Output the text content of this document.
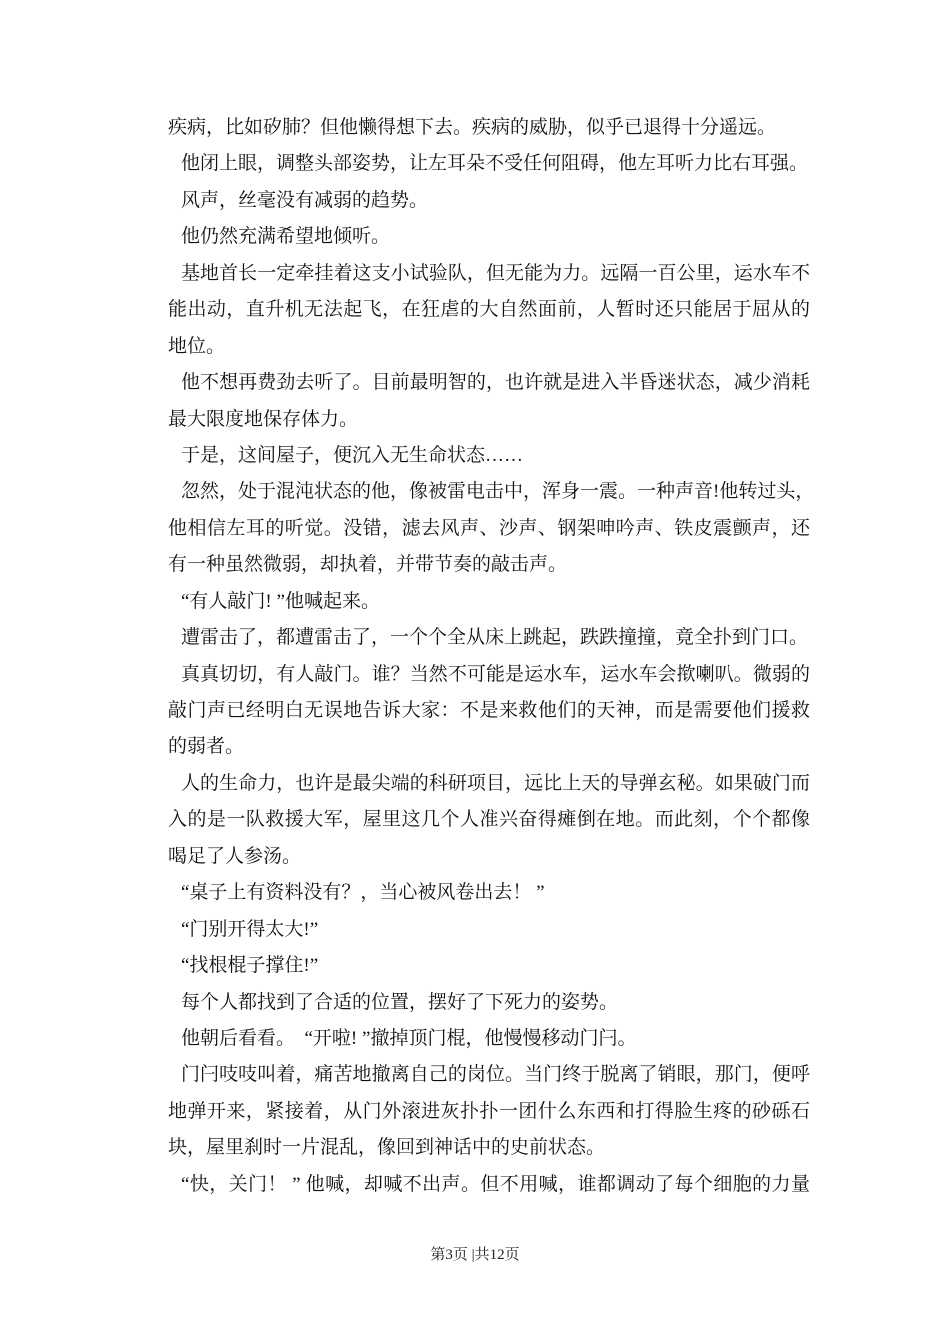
疾病，比如矽肺？但他懒得想下去。疾病的威胁，似乎已退得十分遥远。
他闭上眼，调整头部姿势，让左耳朵不受任何阻碍，他左耳听力比右耳强。
风声，丝毫没有减弱的趋势。
他仍然充满希望地倾听。
基地首长一定牵挂着这支小试验队，但无能为力。远隔一百公里，运水车不
能出动，直升机无法起飞，在狂虐的大自然面前，人暂时还只能居于屈从的
地位。
他不想再费劲去听了。目前最明智的，也许就是进入半昏迷状态，减少消耗
最大限度地保存体力。
于是，这间屋子，便沉入无生命状态……
忽然，处于混沌状态的他，像被雷电击中，浑身一震。一种声音!他转过头，
他相信左耳的听觉。没错，滤去风声、沙声、钢架呻吟声、铁皮震颤声，还
有一种虽然微弱，却执着，并带节奏的敲击声。
“有人敲门! ”他喊起来。
遭雷击了，都遭雷击了，一个个全从床上跳起，跌跌撞撞，竟全扑到门口。
真真切切，有人敲门。谁？当然不可能是运水车，运水车会揿喇叭。微弱的
敲门声已经明白无误地告诉大家：不是来救他们的天神，而是需要他们援救
的弱者。
人的生命力，也许是最尖端的科研项目，远比上天的导弹玄秘。如果破门而
入的是一队救援大军，屋里这几个人准兴奋得瘫倒在地。而此刻，个个都像
喝足了人参汤。
“桌子上有资料没有？，当心被风卷出去！ ”
“门别开得太大!”
“找根棍子撑住!”
每个人都找到了合适的位置，摆好了下死力的姿势。
他朝后看看。　“开啦! ”撤掉顶门棍，他慢慢移动门闩。
门闩吱吱叫着，痛苦地撤离自己的岗位。当门终于脱离了销眼，那门，便呼
地弹开来，紧接着，从门外滚进灰扑扑一团什么东西和打得脸生疼的砂砾石
块，屋里刹时一片混乱，像回到神话中的史前状态。
“快，关门！ ” 他喊，却喊不出声。但不用喊，谁都调动了每个细胞的力量
第3页 |共12页
